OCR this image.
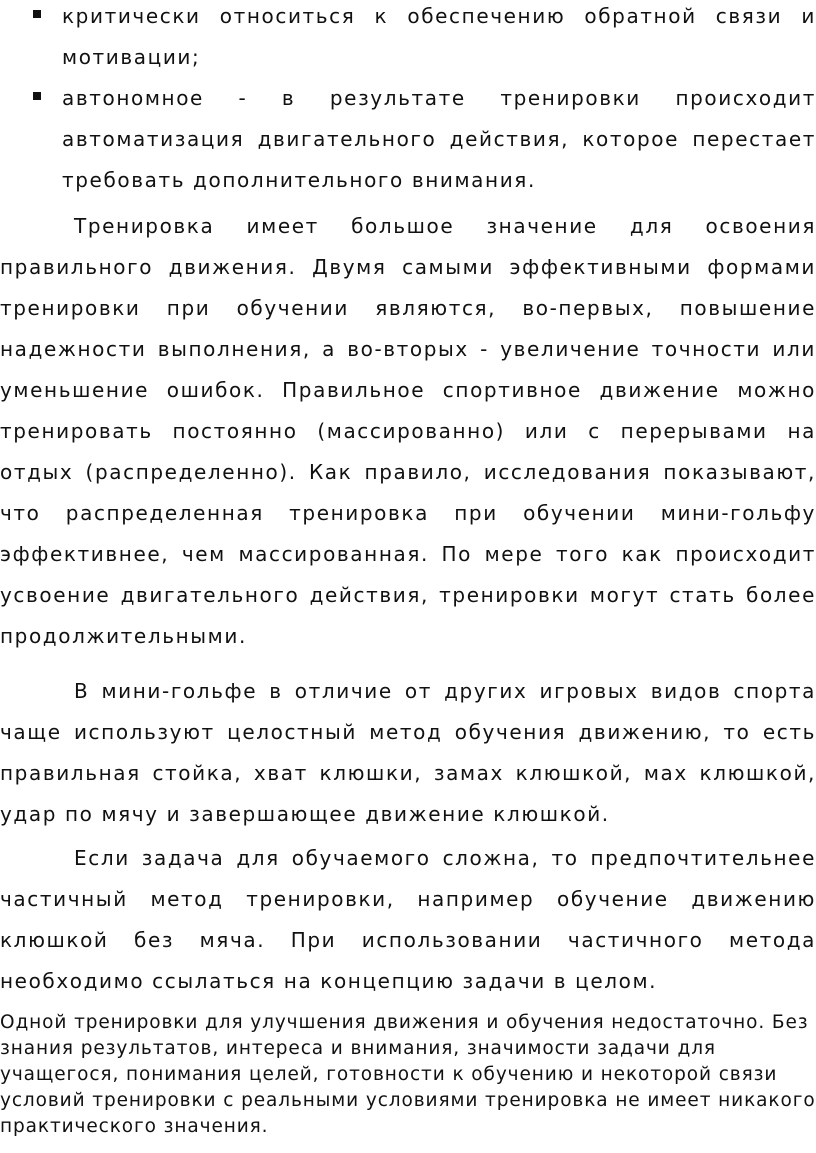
критически относиться к обеспечению обратной связи и мотивации;
автономное - в результате тренировки происходит автоматизация двигательного действия, которое перестает требовать дополнительного внимания.

Тренировка имеет большое значение для освоения правильного движения. Двумя самыми эффективными формами тренировки при обучении являются, во-первых, повышение надежности выполнения, а во-вторых - увеличение точности или уменьшение ошибок. Правильное спортивное движение можно тренировать постоянно (массированно) или с перерывами на отдых (распределенно). Как правило, исследования показывают, что распределенная тренировка при обучении мини-гольфу эффективнее, чем массированная. По мере того как происходит усвоение двигательного действия, тренировки могут стать более продолжительными.

В мини-гольфе в отличие от других игровых видов спорта чаще используют целостный метод обучения движению, то есть правильная стойка, хват клюшки, замах клюшкой, мах клюшкой, удар по мячу и завершающее движение клюшкой.

Если задача для обучаемого сложна, то предпочтительнее частичный метод тренировки, например обучение движению клюшкой без мяча. При использовании частичного метода необходимо ссылаться на концепцию задачи в целом.

Одной тренировки для улучшения движения и обучения недостаточно. Без знания результатов, интереса и внимания, значимости задачи для учащегося, понимания целей, готовности к обучению и некоторой связи условий тренировки с реальными условиями тренировка не имеет никакого практического значения.
